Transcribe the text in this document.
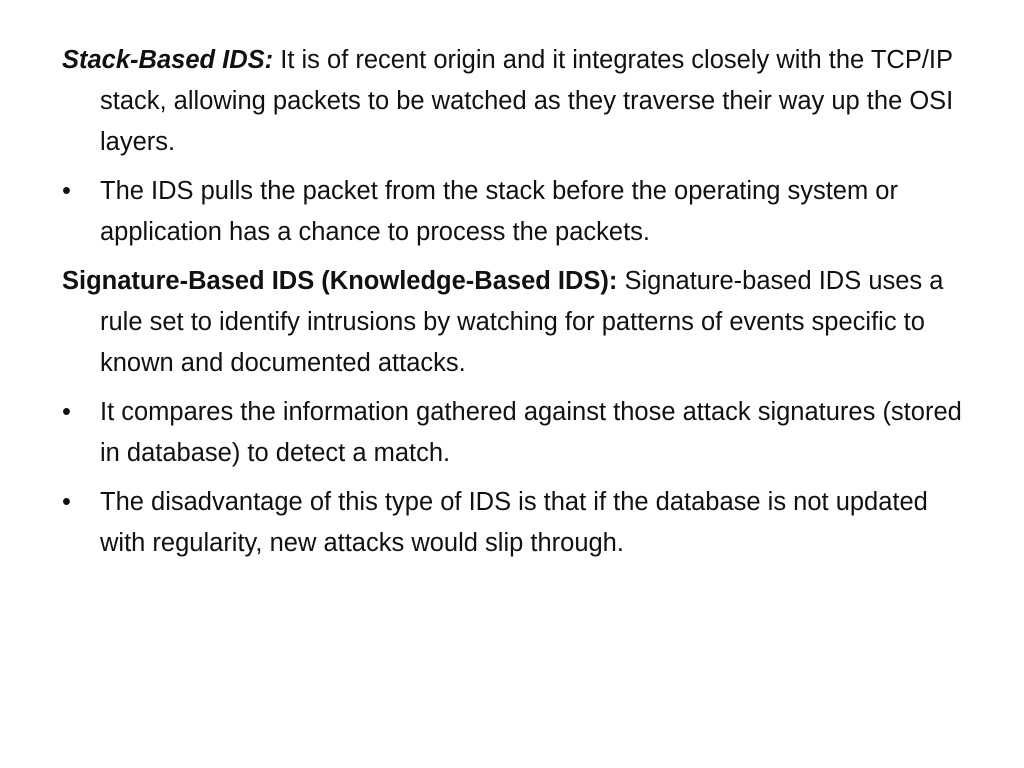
Stack-Based IDS: It is of recent origin and it integrates closely with the TCP/IP stack, allowing packets to be watched as they traverse their way up the OSI layers.

•	The IDS pulls the packet from the stack before the operating system or application has a chance to process the packets.

Signature-Based IDS (Knowledge-Based IDS): Signature-based IDS uses a rule set to identify intrusions by watching for patterns of events specific to known and documented attacks.

•	It compares the information gathered against those attack signatures (stored in database) to detect a match.

•	The disadvantage of this type of IDS is that if the database is not updated with regularity, new attacks would slip through.
